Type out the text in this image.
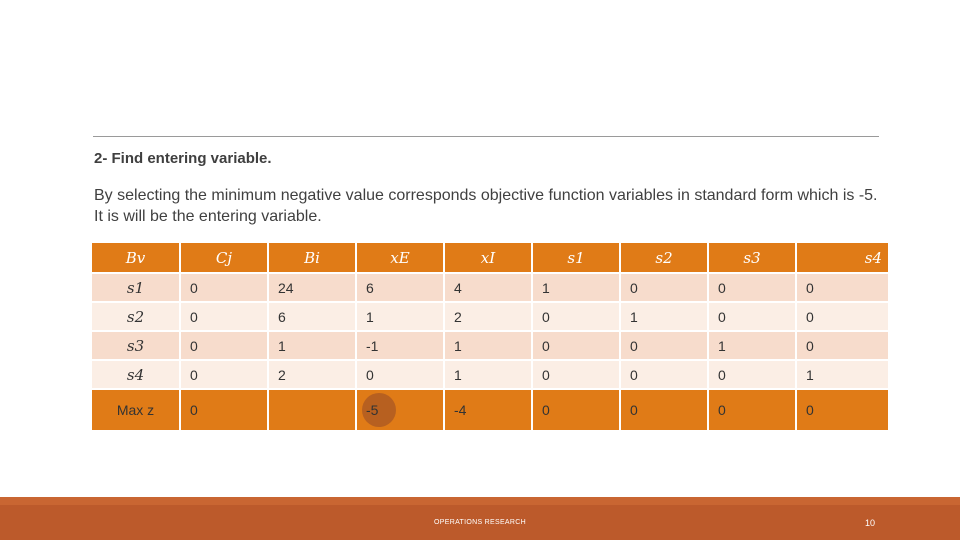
2- Find entering variable.
By selecting the minimum negative value corresponds objective function variables in standard form which is -5. It is will be the entering variable.
Bv	Cj	Bi	xE	xI	s1	s2	s3	s4
s1	0	24	6	4	1	0	0	0
s2	0	6	1	2	0	1	0	0
s3	0	1	-1	1	0	0	1	0
s4	0	2	0	1	0	0	0	1
Max z	0		-5	-4	0	0	0	0
OPERATIONS RESEARCH	10
